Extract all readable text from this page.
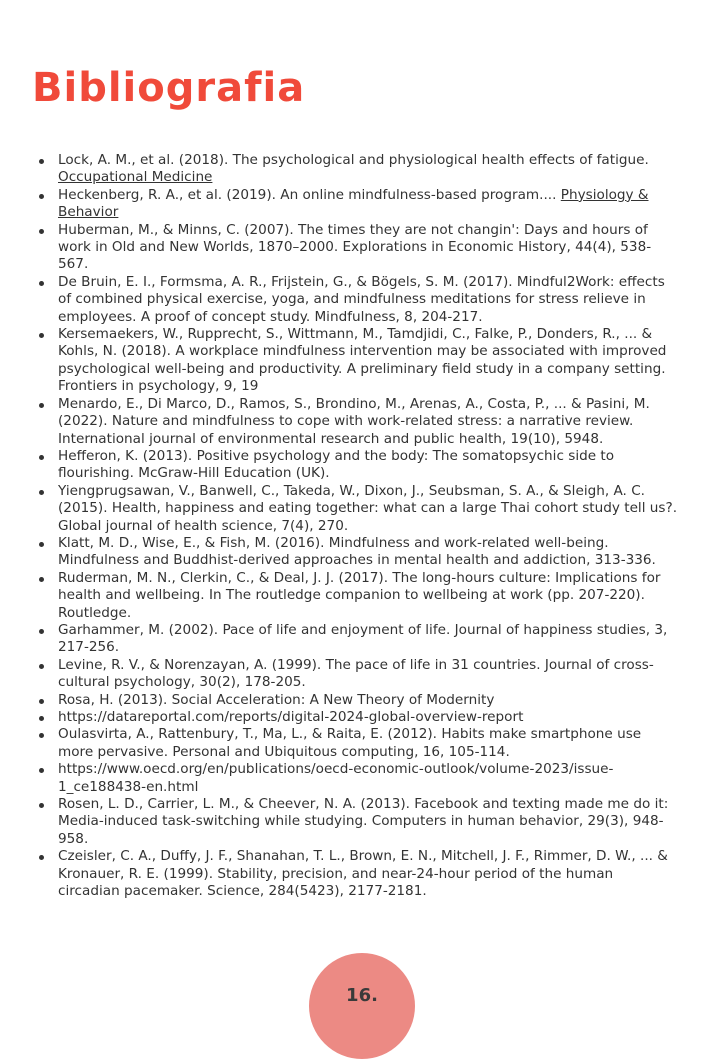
Bibliografia
Lock, A. M., et al. (2018). The psychological and physiological health effects of fatigue. Occupational Medicine
Heckenberg, R. A., et al. (2019). An online mindfulness-based program.... Physiology & Behavior
Huberman, M., & Minns, C. (2007). The times they are not changin': Days and hours of work in Old and New Worlds, 1870–2000. Explorations in Economic History, 44(4), 538-567.
De Bruin, E. I., Formsma, A. R., Frijstein, G., & Bögels, S. M. (2017). Mindful2Work: effects of combined physical exercise, yoga, and mindfulness meditations for stress relieve in employees. A proof of concept study. Mindfulness, 8, 204-217.
Kersemaekers, W., Rupprecht, S., Wittmann, M., Tamdjidi, C., Falke, P., Donders, R., ... & Kohls, N. (2018). A workplace mindfulness intervention may be associated with improved psychological well-being and productivity. A preliminary field study in a company setting. Frontiers in psychology, 9, 19
Menardo, E., Di Marco, D., Ramos, S., Brondino, M., Arenas, A., Costa, P., ... & Pasini, M. (2022). Nature and mindfulness to cope with work-related stress: a narrative review. International journal of environmental research and public health, 19(10), 5948.
Hefferon, K. (2013). Positive psychology and the body: The somatopsychic side to flourishing. McGraw-Hill Education (UK).
Yiengprugsawan, V., Banwell, C., Takeda, W., Dixon, J., Seubsman, S. A., & Sleigh, A. C. (2015). Health, happiness and eating together: what can a large Thai cohort study tell us?. Global journal of health science, 7(4), 270.
Klatt, M. D., Wise, E., & Fish, M. (2016). Mindfulness and work-related well-being. Mindfulness and Buddhist-derived approaches in mental health and addiction, 313-336.
Ruderman, M. N., Clerkin, C., & Deal, J. J. (2017). The long-hours culture: Implications for health and wellbeing. In The routledge companion to wellbeing at work (pp. 207-220). Routledge.
Garhammer, M. (2002). Pace of life and enjoyment of life. Journal of happiness studies, 3, 217-256.
Levine, R. V., & Norenzayan, A. (1999). The pace of life in 31 countries. Journal of cross-cultural psychology, 30(2), 178-205.
Rosa, H. (2013). Social Acceleration: A New Theory of Modernity
https://datareportal.com/reports/digital-2024-global-overview-report
Oulasvirta, A., Rattenbury, T., Ma, L., & Raita, E. (2012). Habits make smartphone use more pervasive. Personal and Ubiquitous computing, 16, 105-114.
https://www.oecd.org/en/publications/oecd-economic-outlook/volume-2023/issue-1_ce188438-en.html
Rosen, L. D., Carrier, L. M., & Cheever, N. A. (2013). Facebook and texting made me do it: Media-induced task-switching while studying. Computers in human behavior, 29(3), 948-958.
Czeisler, C. A., Duffy, J. F., Shanahan, T. L., Brown, E. N., Mitchell, J. F., Rimmer, D. W., ... & Kronauer, R. E. (1999). Stability, precision, and near-24-hour period of the human circadian pacemaker. Science, 284(5423), 2177-2181.
16.
